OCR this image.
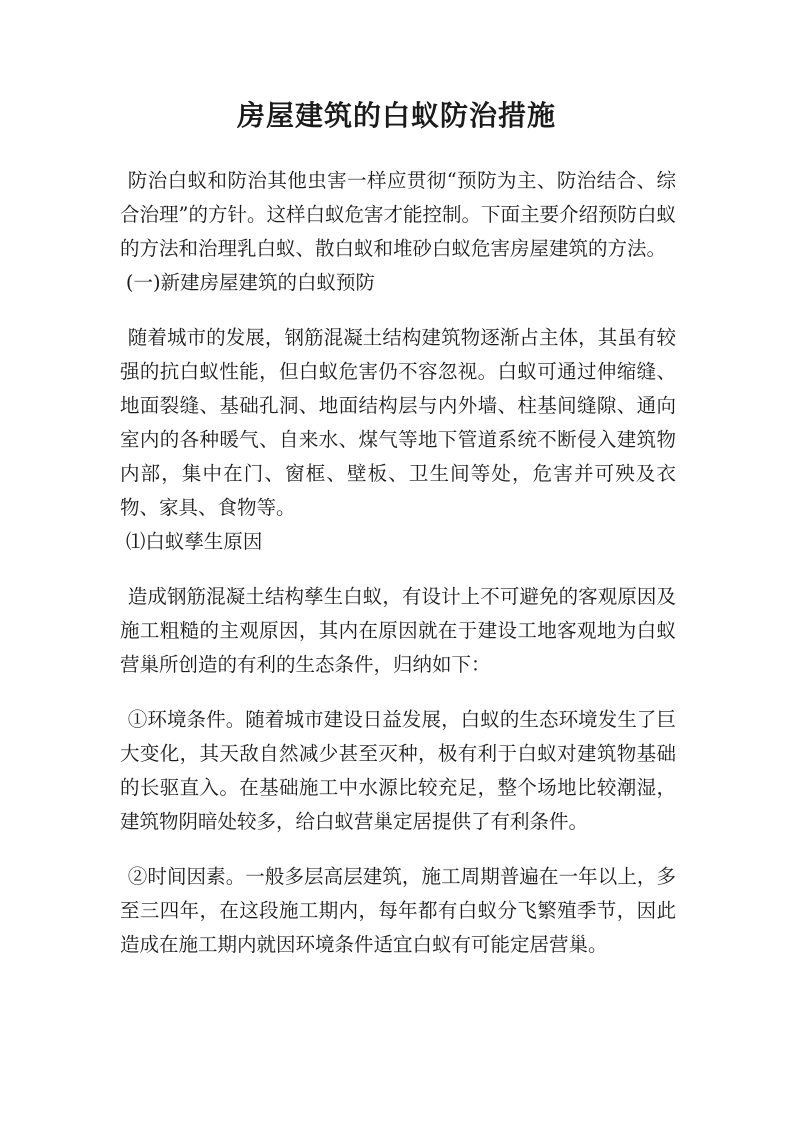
房屋建筑的白蚁防治措施

防治白蚁和防治其他虫害一样应贯彻“预防为主、防治结合、综合治理”的方针。这样白蚁危害才能控制。下面主要介绍预防白蚁的方法和治理乳白蚁、散白蚁和堆砂白蚁危害房屋建筑的方法。

(一)新建房屋建筑的白蚁预防

随着城市的发展，钢筋混凝土结构建筑物逐渐占主体，其虽有较强的抗白蚁性能，但白蚁危害仍不容忽视。白蚁可通过伸缩缝、地面裂缝、基础孔洞、地面结构层与内外墙、柱基间缝隙、通向室内的各种暖气、自来水、煤气等地下管道系统不断侵入建筑物内部，集中在门、窗框、壁板、卫生间等处，危害并可殃及衣物、家具、食物等。

⑴白蚁孳生原因

造成钢筋混凝土结构孳生白蚁，有设计上不可避免的客观原因及施工粗糙的主观原因，其内在原因就在于建设工地客观地为白蚁营巢所创造的有利的生态条件，归纳如下：

①环境条件。随着城市建设日益发展，白蚁的生态环境发生了巨大变化，其天敌自然减少甚至灭种，极有利于白蚁对建筑物基础的长驱直入。在基础施工中水源比较充足，整个场地比较潮湿，建筑物阴暗处较多，给白蚁营巢定居提供了有利条件。

②时间因素。一般多层高层建筑，施工周期普遍在一年以上，多至三四年，在这段施工期内，每年都有白蚁分飞繁殖季节，因此造成在施工期内就因环境条件适宜白蚁有可能定居营巢。
